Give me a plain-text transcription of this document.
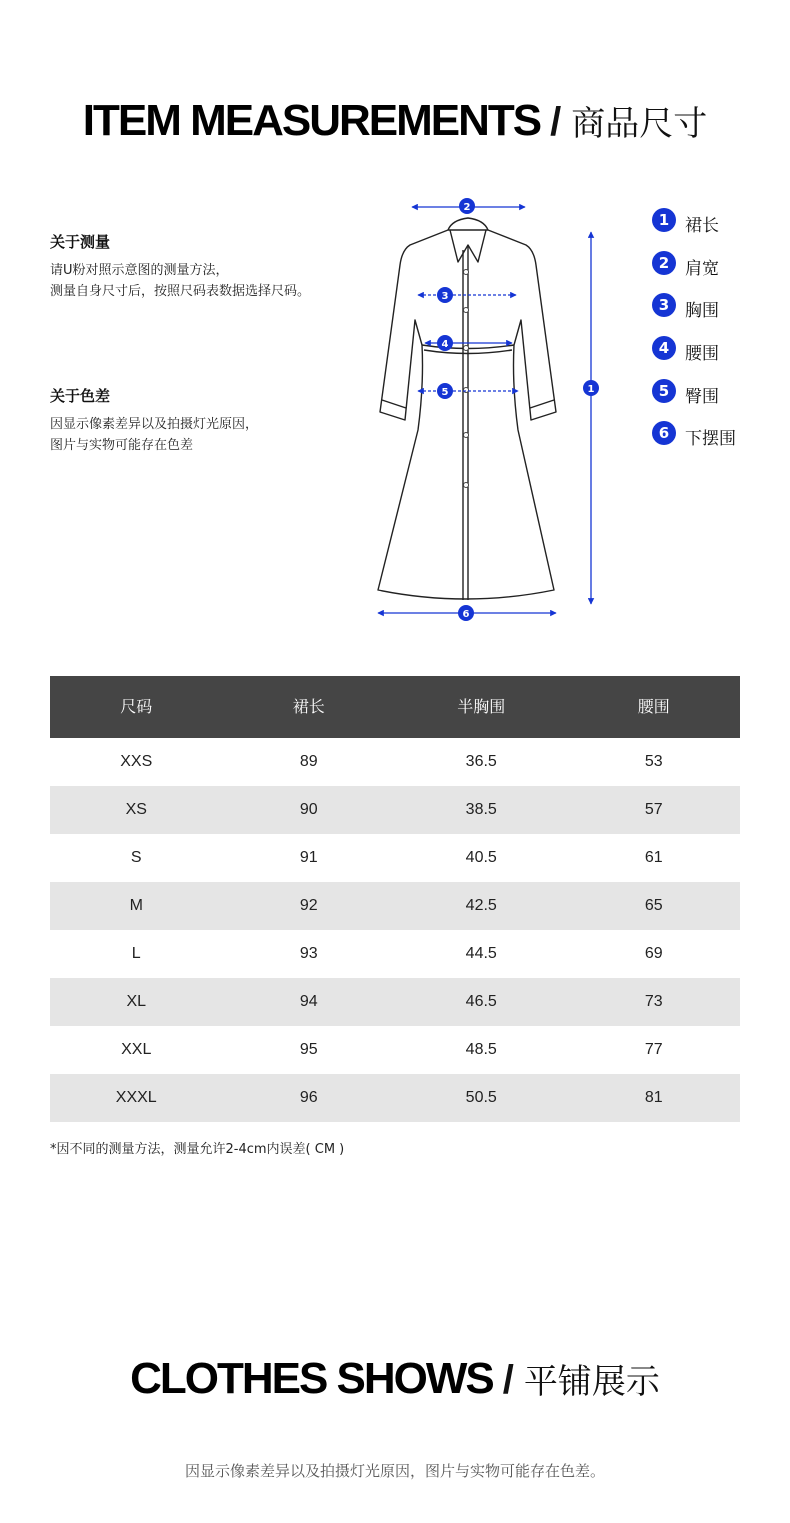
ITEM MEASUREMENTS / 商品尺寸
关于测量
请U粉对照示意图的测量方法，
测量自身尺寸后，按照尺码表数据选择尺码。
关于色差
因显示像素差异以及拍摄灯光原因，
图片与实物可能存在色差
2
3
4
5	1
6
1 裙长
2 肩宽
3 胸围
4 腰围
5 臀围
6 下摆围
尺码	裙长	半胸围	腰围
XXS	89	36.5	53
XS	90	38.5	57
S	91	40.5	61
M	92	42.5	65
L	93	44.5	69
XL	94	46.5	73
XXL	95	48.5	77
XXXL	96	50.5	81
*因不同的测量方法，测量允许2-4cm内误差( CM )
CLOTHES SHOWS / 平铺展示
因显示像素差异以及拍摄灯光原因，图片与实物可能存在色差。
